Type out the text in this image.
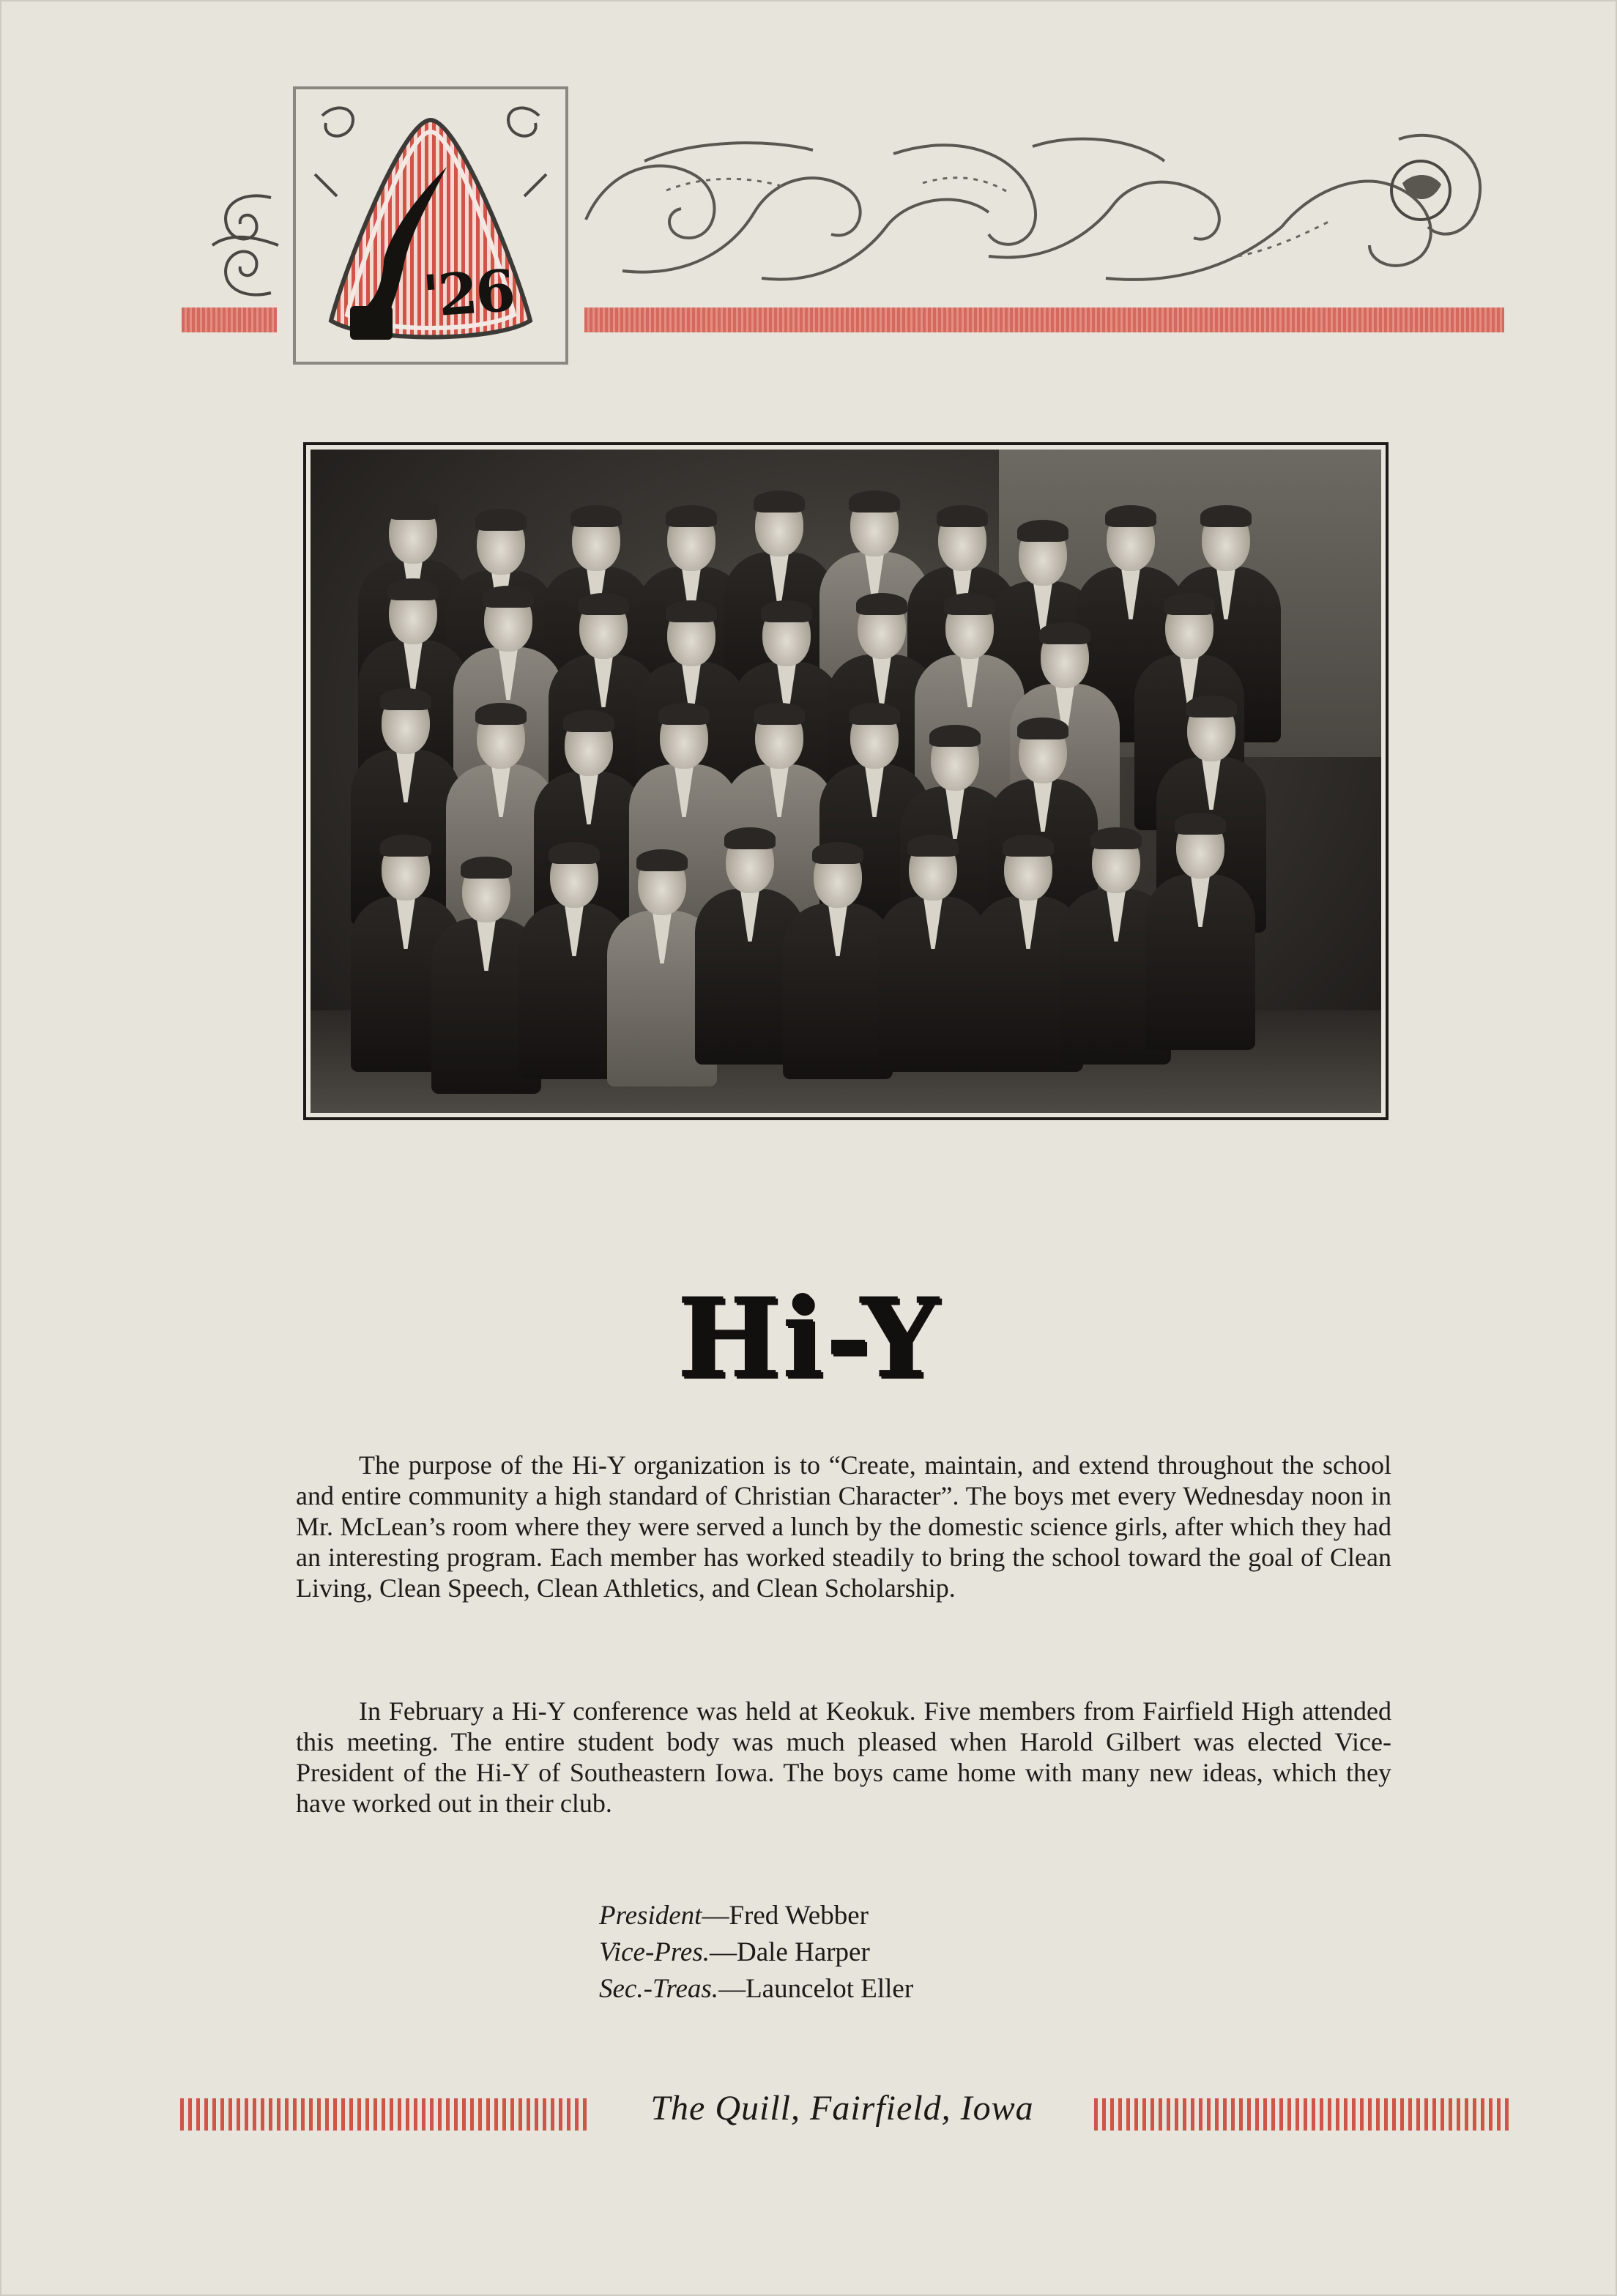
'26
Hi-Y

The purpose of the Hi-Y organization is to “Create, maintain, and extend throughout the school and entire community a high standard of Christian Character”. The boys met every Wednesday noon in Mr. McLean’s room where they were served a lunch by the domestic science girls, after which they had an interesting program. Each member has worked steadily to bring the school toward the goal of Clean Living, Clean Speech, Clean Athletics, and Clean Scholarship.

In February a Hi-Y conference was held at Keokuk. Five members from Fairfield High attended this meeting. The entire student body was much pleased when Harold Gilbert was elected Vice-President of the Hi-Y of Southeastern Iowa. The boys came home with many new ideas, which they have worked out in their club.

President—Fred Webber
Vice-Pres.—Dale Harper
Sec.-Treas.—Launcelot Eller
The Quill, Fairfield, Iowa
